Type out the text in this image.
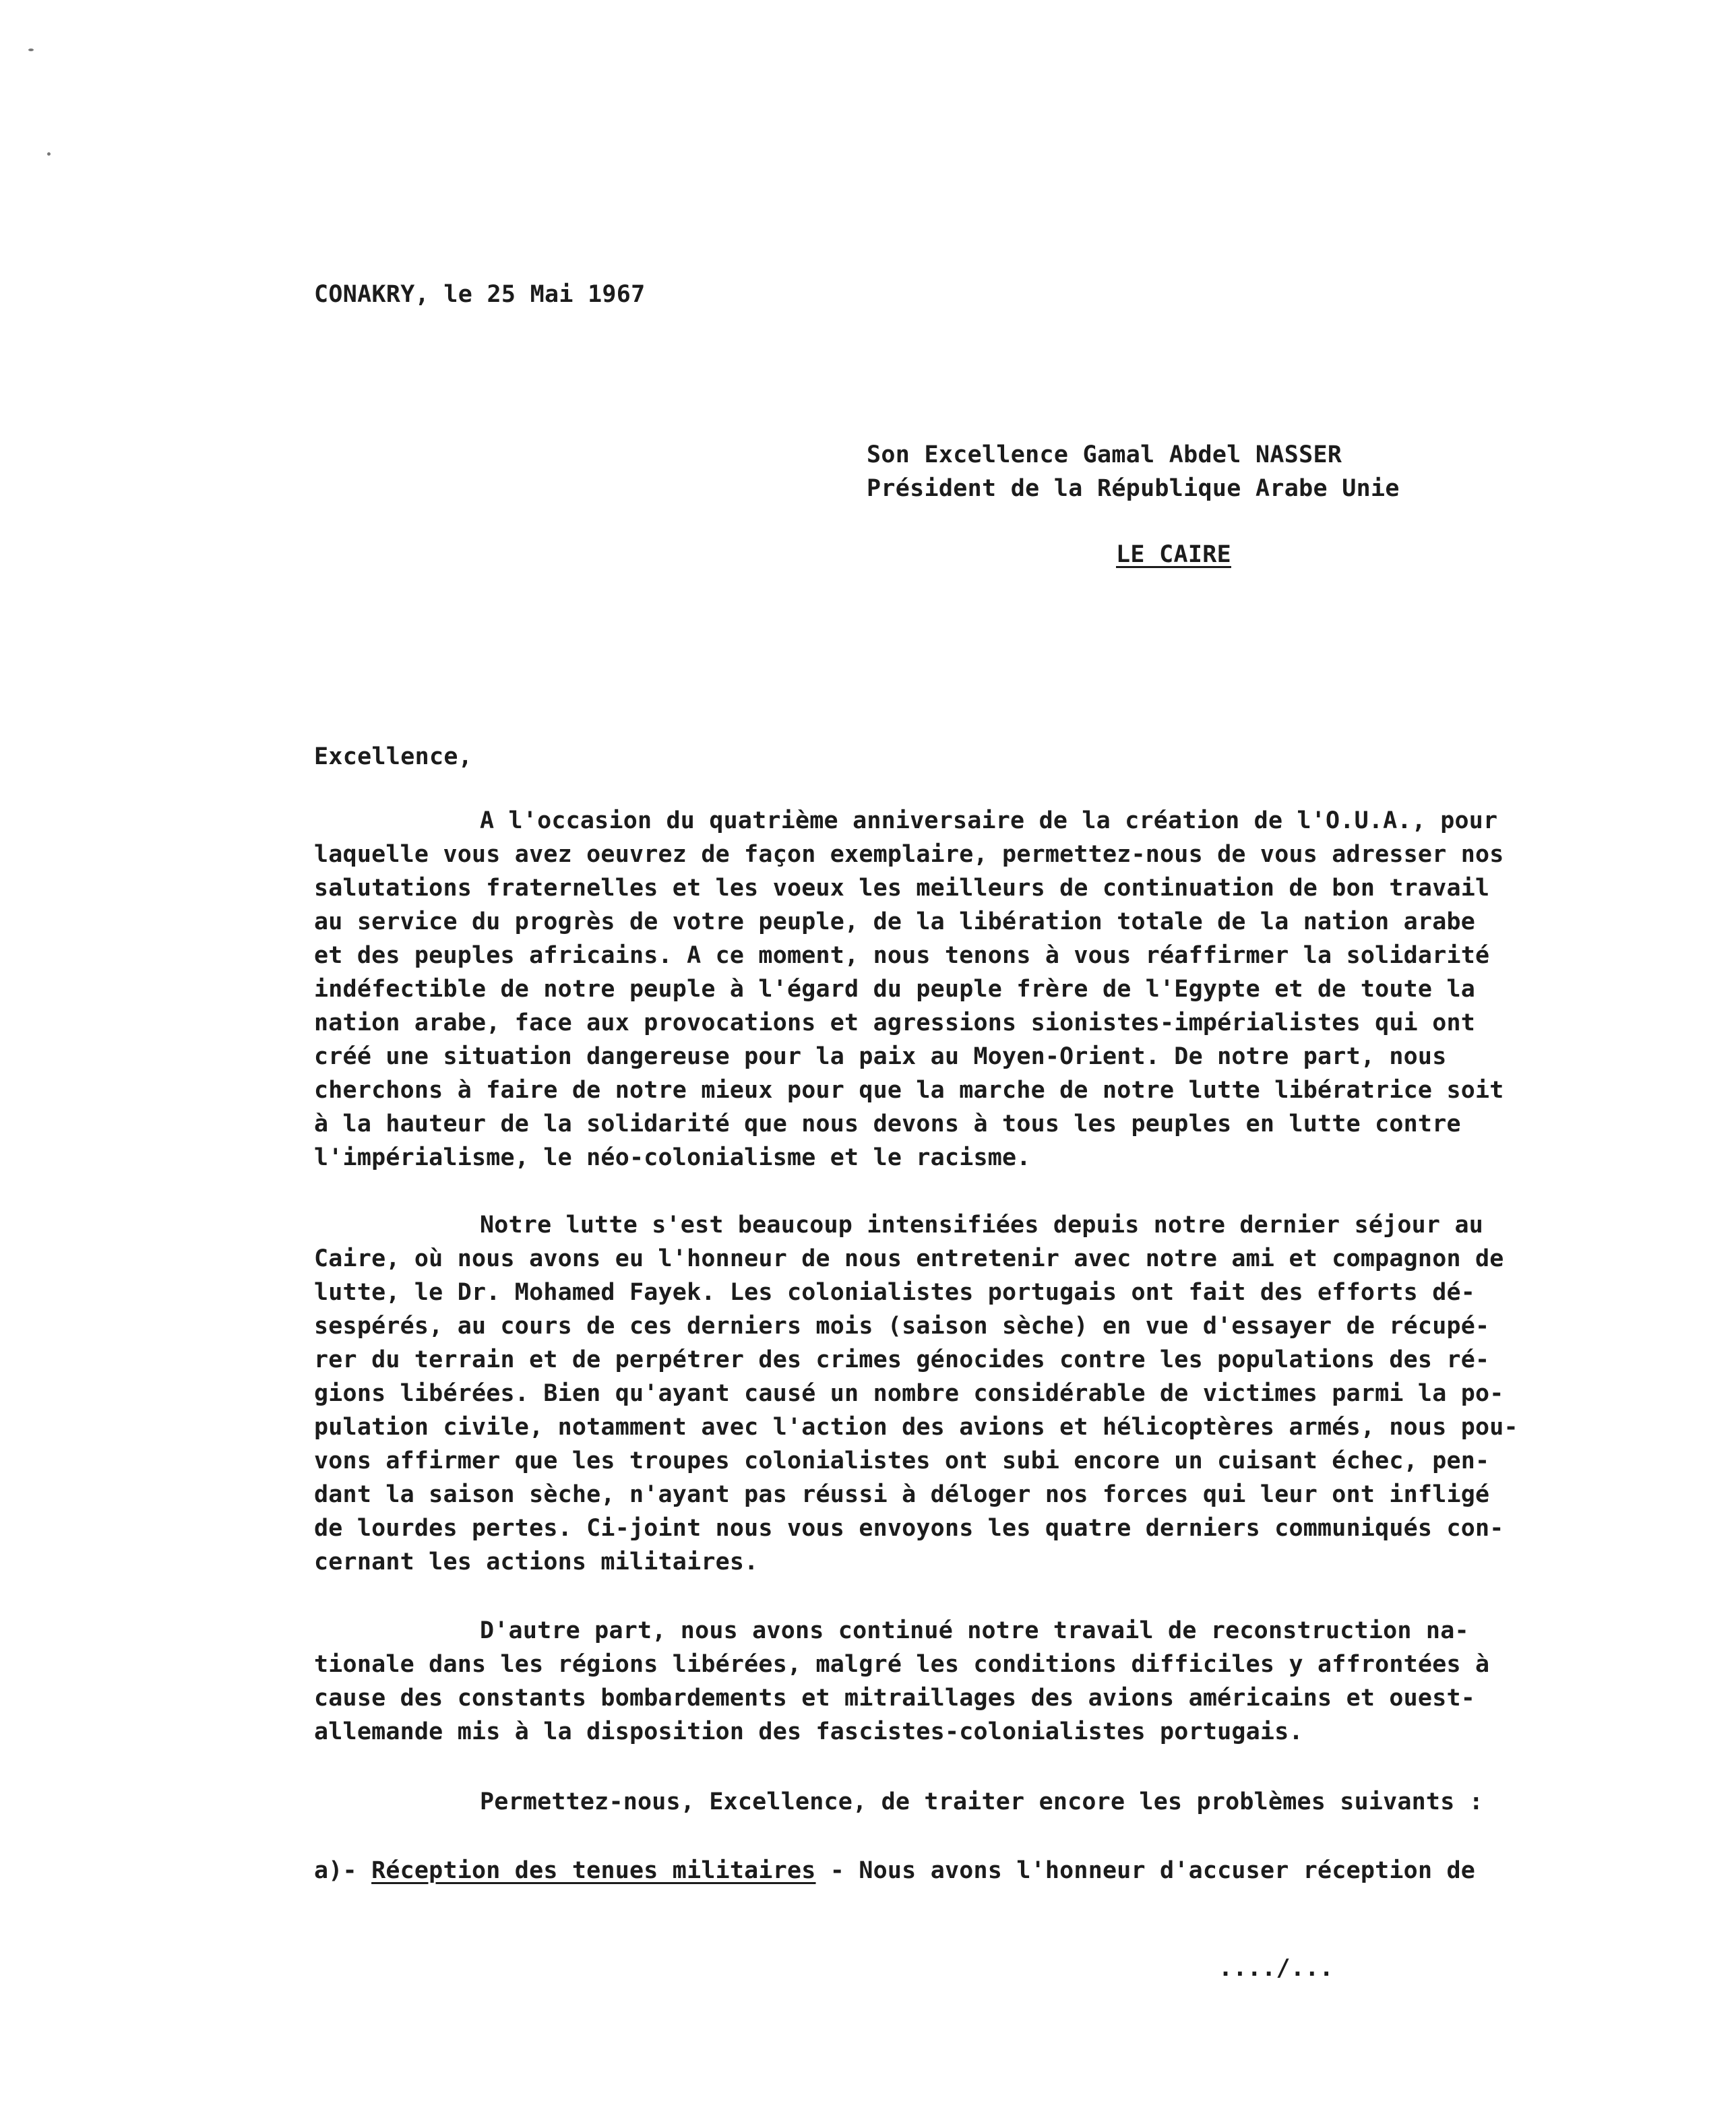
CONAKRY, le 25 Mai 1967
Son Excellence Gamal Abdel NASSER
Président de la République Arabe Unie
LE CAIRE
Excellence,
A l'occasion du quatrième anniversaire de la création de l'O.U.A., pour
laquelle vous avez oeuvrez de façon exemplaire, permettez-nous de vous adresser nos
salutations fraternelles et les voeux les meilleurs de continuation de bon travail
au service du progrès de votre peuple, de la libération totale de la nation arabe
et des peuples africains. A ce moment, nous tenons à vous réaffirmer la solidarité
indéfectible de notre peuple à l'égard du peuple frère de l'Egypte et de toute la
nation arabe, face aux provocations et agressions sionistes-impérialistes qui ont
créé une situation dangereuse pour la paix au Moyen-Orient. De notre part, nous
cherchons à faire de notre mieux pour que la marche de notre lutte libératrice soit
à la hauteur de la solidarité que nous devons à tous les peuples en lutte contre
l'impérialisme, le néo-colonialisme et le racisme.
Notre lutte s'est beaucoup intensifiées depuis notre dernier séjour au
Caire, où nous avons eu l'honneur de nous entretenir avec notre ami et compagnon de
lutte, le Dr. Mohamed Fayek. Les colonialistes portugais ont fait des efforts dé-
sespérés, au cours de ces derniers mois (saison sèche) en vue d'essayer de récupé-
rer du terrain et de perpétrer des crimes génocides contre les populations des ré-
gions libérées. Bien qu'ayant causé un nombre considérable de victimes parmi la po-
pulation civile, notamment avec l'action des avions et hélicoptères armés, nous pou-
vons affirmer que les troupes colonialistes ont subi encore un cuisant échec, pen-
dant la saison sèche, n'ayant pas réussi à déloger nos forces qui leur ont infligé
de lourdes pertes. Ci-joint nous vous envoyons les quatre derniers communiqués con-
cernant les actions militaires.
D'autre part, nous avons continué notre travail de reconstruction na-
tionale dans les régions libérées, malgré les conditions difficiles y affrontées à
cause des constants bombardements et mitraillages des avions américains et ouest-
allemande mis à la disposition des fascistes-colonialistes portugais.
Permettez-nous, Excellence, de traiter encore les problèmes suivants :
a)- Réception des tenues militaires - Nous avons l'honneur d'accuser réception de
..../...
